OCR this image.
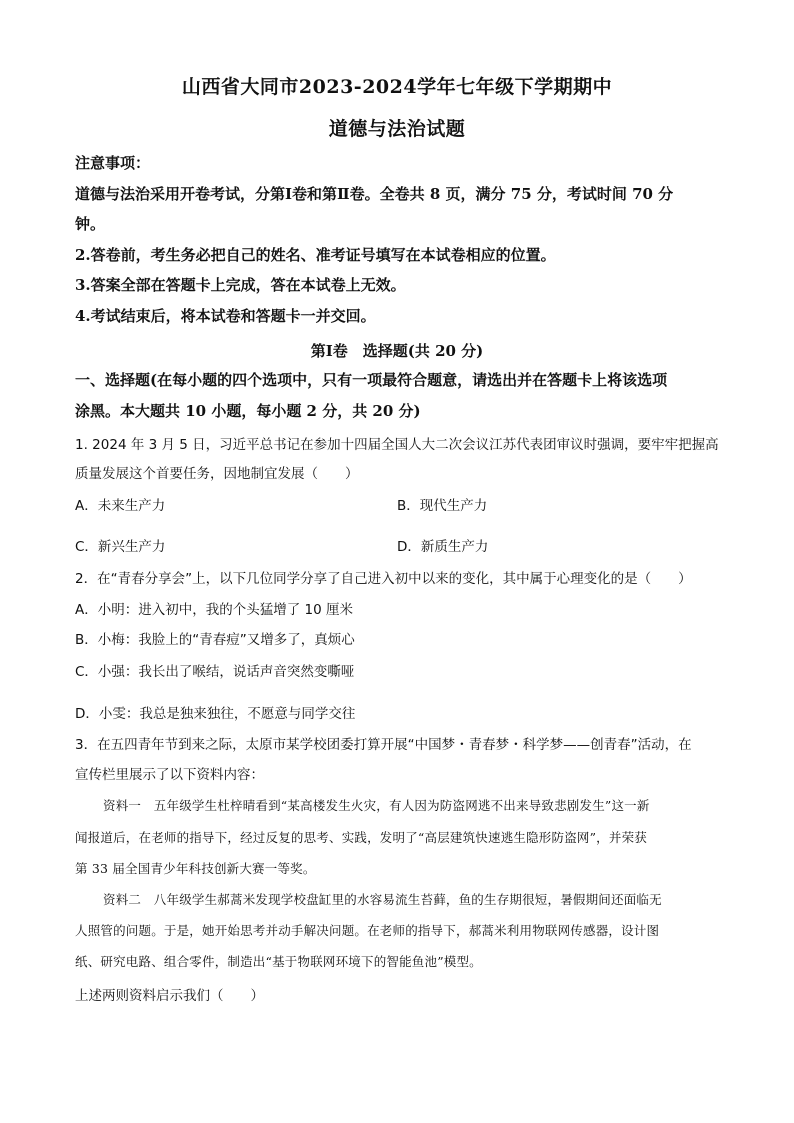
山西省大同市2023-2024学年七年级下学期期中
道德与法治试题
注意事项：
道德与法治采用开卷考试，分第Ⅰ卷和第Ⅱ卷。全卷共 8 页，满分 75 分，考试时间 70 分
钟。
2.答卷前，考生务必把自己的姓名、准考证号填写在本试卷相应的位置。
3.答案全部在答题卡上完成，答在本试卷上无效。
4.考试结束后，将本试卷和答题卡一并交回。
第Ⅰ卷　选择题(共 20 分)
一、选择题(在每小题的四个选项中，只有一项最符合题意，请选出并在答题卡上将该选项
涂黑。本大题共 10 小题，每小题 2 分，共 20 分)
1. 2024 年 3 月 5 日，习近平总书记在参加十四届全国人大二次会议江苏代表团审议时强调，要牢牢把握高
质量发展这个首要任务，因地制宜发展（　　）
A．未来生产力	B．现代生产力
C．新兴生产力	D．新质生产力
2．在“青春分享会”上，以下几位同学分享了自己进入初中以来的变化，其中属于心理变化的是（　　）
A．小明：进入初中，我的个头猛增了 10 厘米
B．小梅：我脸上的“青春痘”又增多了，真烦心
C．小强：我长出了喉结，说话声音突然变嘶哑
D．小雯：我总是独来独往，不愿意与同学交往
3．在五四青年节到来之际，太原市某学校团委打算开展“中国梦・青春梦・科学梦——创青春”活动，在
宣传栏里展示了以下资料内容：
资料一　五年级学生杜梓晴看到“某高楼发生火灾，有人因为防盗网逃不出来导致悲剧发生”这一新
闻报道后，在老师的指导下，经过反复的思考、实践，发明了“高层建筑快速逃生隐形防盗网”，并荣获
第 33 届全国青少年科技创新大赛一等奖。
资料二　八年级学生郝蒿米发现学校盘缸里的水容易流生苔藓，鱼的生存期很短，暑假期间还面临无
人照管的问题。于是，她开始思考并动手解决问题。在老师的指导下，郝蒿米利用物联网传感器，设计图
纸、研究电路、组合零件，制造出“基于物联网环境下的智能鱼池”模型。
上述两则资料启示我们（　　）
